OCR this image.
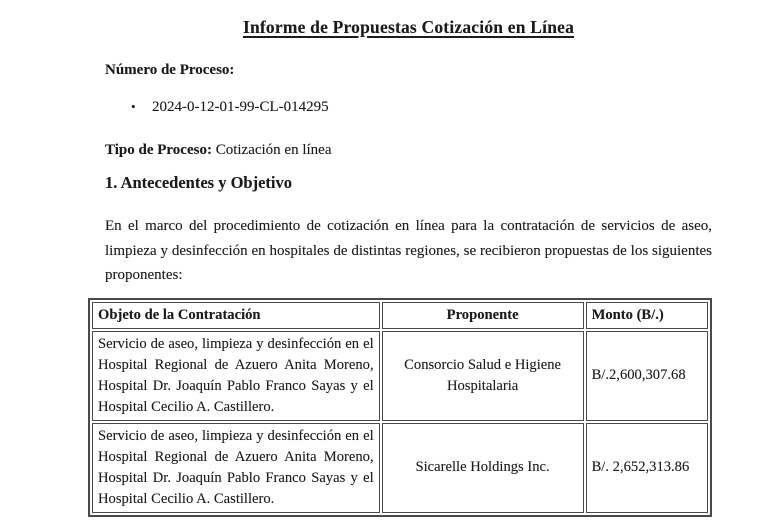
Informe de Propuestas Cotización en Línea

Número de Proceso:

•	2024-0-12-01-99-CL-014295

Tipo de Proceso: Cotización en línea

1. Antecedentes y Objetivo

En el marco del procedimiento de cotización en línea para la contratación de servicios de aseo, limpieza y desinfección en hospitales de distintas regiones, se recibieron propuestas de los siguientes proponentes:

Objeto de la Contratación	Proponente	Monto (B/.)
Servicio de aseo, limpieza y desinfección en el Hospital Regional de Azuero Anita Moreno, Hospital Dr. Joaquín Pablo Franco Sayas y el Hospital Cecilio A. Castillero.	Consorcio Salud e Higiene Hospitalaria	B/.2,600,307.68
Servicio de aseo, limpieza y desinfección en el Hospital Regional de Azuero Anita Moreno, Hospital Dr. Joaquín Pablo Franco Sayas y el Hospital Cecilio A. Castillero.	Sicarelle Holdings Inc.	B/. 2,652,313.86
